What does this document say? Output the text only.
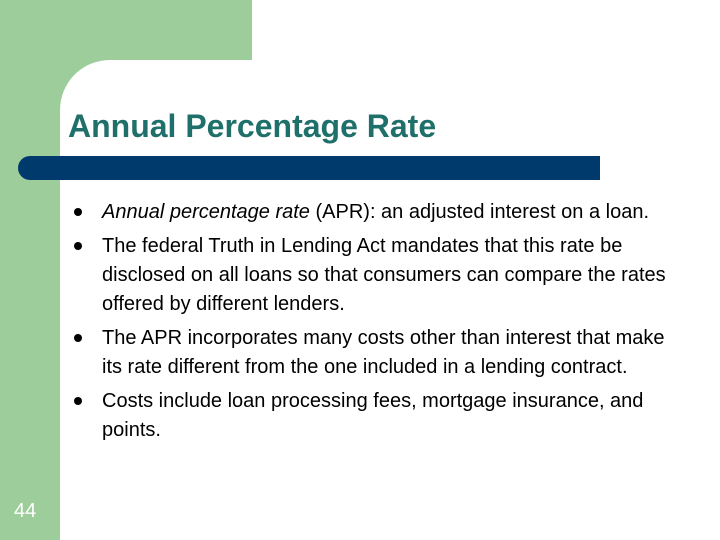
Annual Percentage Rate
Annual percentage rate (APR): an adjusted interest on a loan.
The federal Truth in Lending Act mandates that this rate be disclosed on all loans so that consumers can compare the rates offered by different lenders.
The APR incorporates many costs other than interest that make its rate different from the one included in a lending contract.
Costs include loan processing fees, mortgage insurance, and points.
44
